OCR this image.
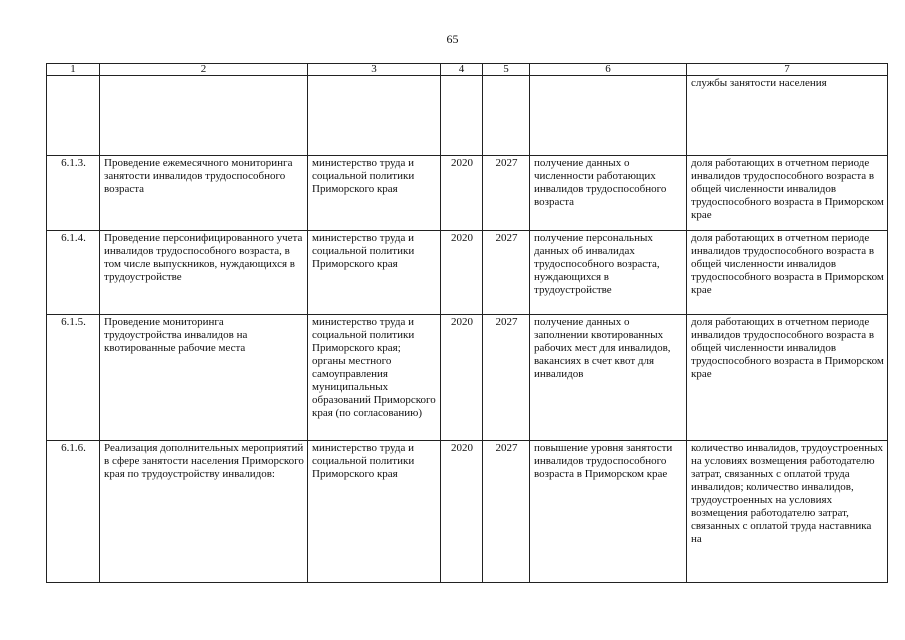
65
1	2	3	4	5	6	7
						службы занятости населения
6.1.3.	Проведение ежемесячного мониторинга занятости инвалидов трудоспособного возраста	министерство труда и социальной политики Приморского края	2020	2027	получение данных о численности работающих инвалидов трудоспособного возраста	доля работающих в отчетном периоде инвалидов трудоспособного возраста в общей численности инвалидов трудоспособного возраста в Приморском крае
6.1.4.	Проведение персонифицированного учета инвалидов трудоспособного возраста, в том числе выпускников, нуждающихся в трудоустройстве	министерство труда и социальной политики Приморского края	2020	2027	получение персональных данных об инвалидах трудоспособного возраста, нуждающихся в трудоустройстве	доля работающих в отчетном периоде инвалидов трудоспособного возраста в общей численности инвалидов трудоспособного возраста в Приморском крае
6.1.5.	Проведение мониторинга трудоустройства инвалидов на квотированные рабочие места	министерство труда и социальной политики Приморского края; органы местного самоуправления муниципальных образований Приморского края (по согласованию)	2020	2027	получение данных о заполнении квотированных рабочих мест для инвалидов, вакансиях в счет квот для инвалидов	доля работающих в отчетном периоде инвалидов трудоспособного возраста в общей численности инвалидов трудоспособного возраста в Приморском крае
6.1.6.	Реализация дополнительных мероприятий в сфере занятости населения Приморского края по трудоустройству инвалидов:	министерство труда и социальной политики Приморского края	2020	2027	повышение уровня занятости инвалидов трудоспособного возраста в Приморском крае	количество инвалидов, трудоустроенных на условиях возмещения работодателю затрат, связанных с оплатой труда инвалидов; количество инвалидов, трудоустроенных на условиях возмещения работодателю затрат, связанных с оплатой труда наставника на
